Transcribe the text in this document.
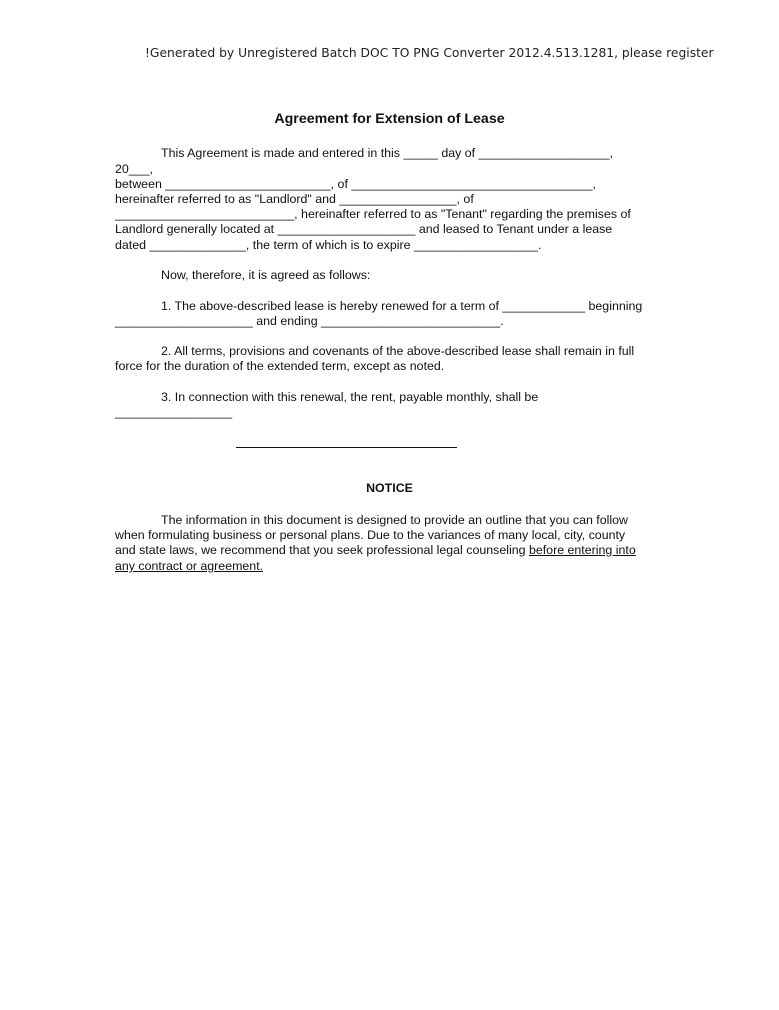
!Generated by Unregistered Batch DOC TO PNG Converter 2012.4.513.1281, please register
Agreement for Extension of Lease
This Agreement is made and entered in this _____ day of ___________________,
20___,
between ________________________, of ___________________________________,
hereinafter referred to as "Landlord" and _________________, of
__________________________, hereinafter referred to as "Tenant" regarding the premises of
Landlord generally located at ____________________ and leased to Tenant under a lease
dated ______________, the term of which is to expire __________________.
Now, therefore, it is agreed as follows:
1. The above-described lease is hereby renewed for a term of ____________ beginning
____________________ and ending __________________________.
2. All terms, provisions and covenants of the above-described lease shall remain in full
force for the duration of the extended term, except as noted.
3. In connection with this renewal, the rent, payable monthly, shall be
_________________
NOTICE
The information in this document is designed to provide an outline that you can follow
when formulating business or personal plans. Due to the variances of many local, city, county
and state laws, we recommend that you seek professional legal counseling before entering into
any contract or agreement.
